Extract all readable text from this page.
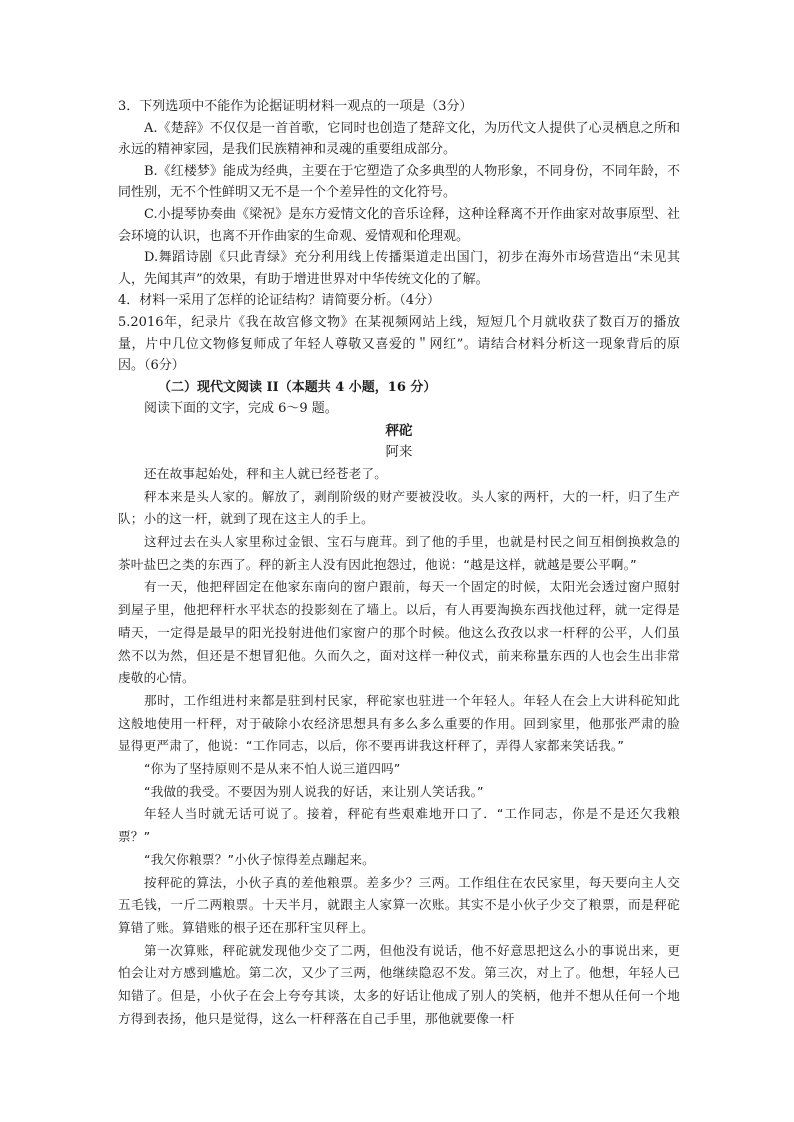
3．下列选项中不能作为论据证明材料一观点的一项是（3分）

A.《楚辞》不仅仅是一首首歌，它同时也创造了楚辞文化，为历代文人提供了心灵栖息之所和永远的精神家园，是我们民族精神和灵魂的重要组成部分。

B.《红楼梦》能成为经典，主要在于它塑造了众多典型的人物形象，不同身份，不同年龄，不同性别，无不个性鲜明又无不是一个个差异性的文化符号。

C.小提琴协奏曲《梁祝》是东方爱情文化的音乐诠释，这种诠释离不开作曲家对故事原型、社会环境的认识，也离不开作曲家的生命观、爱情观和伦理观。

D.舞蹈诗剧《只此青绿》充分利用线上传播渠道走出国门，初步在海外市场营造出“未见其人，先闻其声”的效果，有助于增进世界对中华传统文化的了解。

4．材料一采用了怎样的论证结构？请简要分析。（4分）

5.2016年，纪录片《我在故宫修文物》在某视频网站上线，短短几个月就收获了数百万的播放量，片中几位文物修复师成了年轻人尊敬又喜爱的＂网红”。请结合材料分析这一现象背后的原因。（6分）

（二）现代文阅读 II（本题共 4 小题，16 分）

阅读下面的文字，完成 6～9 题。

秤砣

阿来

还在故事起始处，秤和主人就已经苍老了。

秤本来是头人家的。解放了，剥削阶级的财产要被没收。头人家的两杆，大的一杆，归了生产队；小的这一杆，就到了现在这主人的手上。

这秤过去在头人家里称过金银、宝石与鹿茸。到了他的手里，也就是村民之间互相倒换救急的茶叶盐巴之类的东西了。秤的新主人没有因此抱怨过，他说：“越是这样，就越是要公平啊。”

有一天，他把秤固定在他家东南向的窗户跟前，每天一个固定的时候，太阳光会透过窗户照射到屋子里，他把秤杆水平状态的投影刻在了墙上。以后，有人再要淘换东西找他过秤，就一定得是晴天，一定得是最早的阳光投射进他们家窗户的那个时候。他这么孜孜以求一杆秤的公平，人们虽然不以为然，但还是不想冒犯他。久而久之，面对这样一种仪式，前来称量东西的人也会生出非常虔敬的心情。

那时，工作组进村来都是驻到村民家，秤砣家也驻进一个年轻人。年轻人在会上大讲科砣知此这般地使用一杆秤，对于破除小农经济思想具有多么多么重要的作用。回到家里，他那张严肃的脸显得更严肃了，他说：“工作同志，以后，你不要再讲我这杆秤了，弄得人家都来笑话我。”

“你为了坚持原则不是从来不怕人说三道四吗”

“我做的我受。不要因为别人说我的好话，来让别人笑话我。”

年轻人当时就无话可说了。接着，秤砣有些艰难地开口了．“工作同志，你是不是还欠我粮票？”

“我欠你粮票？”小伙子惊得差点蹦起来。

按秤砣的算法，小伙子真的差他粮票。差多少？三两。工作组住在农民家里，每天要向主人交五毛钱，一斤二两粮票。十天半月，就跟主人家算一次账。其实不是小伙子少交了粮票，而是秤砣算错了账。算错账的根子还在那秆宝贝秤上。

第一次算账，秤砣就发现他少交了二两，但他没有说话，他不好意思把这么小的事说出来，更怕会让对方感到尴尬。第二次，又少了三两，他继续隐忍不发。第三次，对上了。他想，年轻人已知错了。但是，小伙子在会上夸夸其谈，太多的好话让他成了别人的笑柄，他并不想从任何一个地方得到表扬，他只是觉得，这么一杆秤落在自己手里，那他就要像一杆
